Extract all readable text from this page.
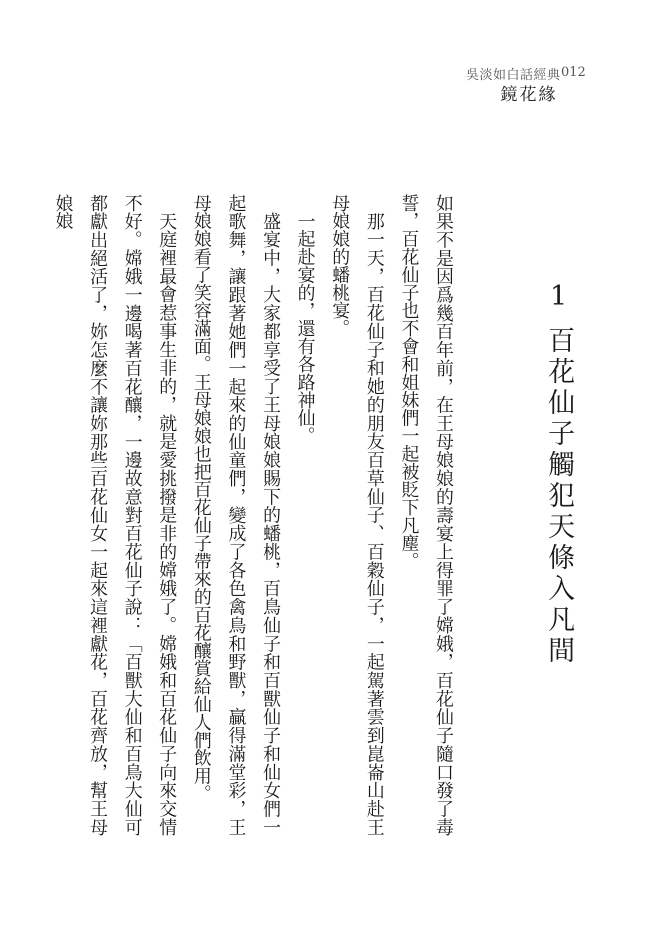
吳淡如白話經典 012
鏡花緣
1百花仙子觸犯天條入凡間

如果不是因爲幾百年前，在王母娘娘的壽宴上得罪了嫦娥，百花仙子隨口發了毒誓，百花仙子也不會和姐妹們一起被貶下凡塵。

那一天，百花仙子和她的朋友百草仙子、百穀仙子，一起駕著雲到崑崙山赴王母娘娘的蟠桃宴。

一起赴宴的，還有各路神仙。

盛宴中，大家都享受了王母娘娘賜下的蟠桃，百鳥仙子和百獸仙子和仙女們一起歌舞，讓跟著她們一起來的仙童們，變成了各色禽鳥和野獸，贏得滿堂彩，王母娘娘看了笑容滿面。王母娘娘也把百花仙子帶來的百花釀賞給仙人們飲用。

天庭裡最會惹事生非的，就是愛挑撥是非的嫦娥了。嫦娥和百花仙子向來交情不好。嫦娥一邊喝著百花釀，一邊故意對百花仙子說：「百獸大仙和百鳥大仙可都獻出絕活了，妳怎麼不讓妳那些百花仙女一起來這裡獻花，百花齊放，幫王母娘娘
